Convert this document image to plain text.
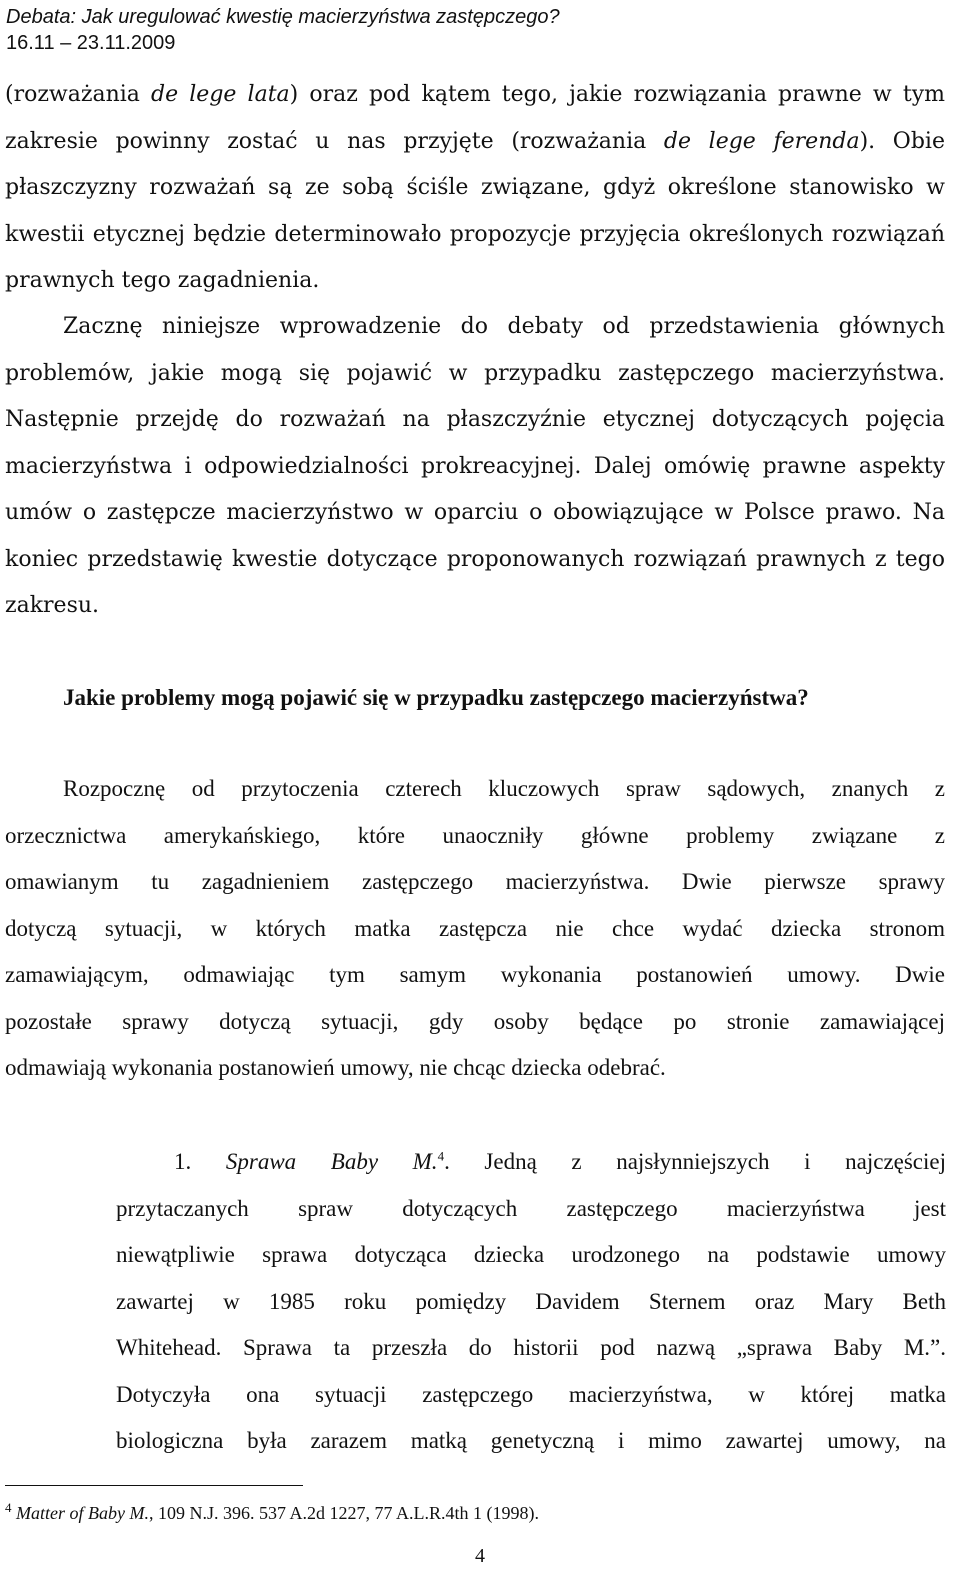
Debata: Jak uregulować kwestię macierzyństwa zastępczego?
16.11 – 23.11.2009
(rozważania de lege lata) oraz pod kątem tego, jakie rozwiązania prawne w tym
zakresie powinny zostać u nas przyjęte (rozważania de lege ferenda). Obie
płaszczyzny rozważań są ze sobą ściśle związane, gdyż określone stanowisko w
kwestii etycznej będzie determinowało propozycje przyjęcia określonych rozwiązań
prawnych tego zagadnienia.
Zacznę niniejsze wprowadzenie do debaty od przedstawienia głównych
problemów, jakie mogą się pojawić w przypadku zastępczego macierzyństwa.
Następnie przejdę do rozważań na płaszczyźnie etycznej dotyczących pojęcia
macierzyństwa i odpowiedzialności prokreacyjnej. Dalej omówię prawne aspekty
umów o zastępcze macierzyństwo w oparciu o obowiązujące w Polsce prawo. Na
koniec przedstawię kwestie dotyczące proponowanych rozwiązań prawnych z tego
zakresu.
Jakie problemy mogą pojawić się w przypadku zastępczego macierzyństwa?
Rozpocznę od przytoczenia czterech kluczowych spraw sądowych, znanych z
orzecznictwa amerykańskiego, które unaoczniły główne problemy związane z
omawianym tu zagadnieniem zastępczego macierzyństwa. Dwie pierwsze sprawy
dotyczą sytuacji, w których matka zastępcza nie chce wydać dziecka stronom
zamawiającym, odmawiając tym samym wykonania postanowień umowy. Dwie
pozostałe sprawy dotyczą sytuacji, gdy osoby będące po stronie zamawiającej
odmawiają wykonania postanowień umowy, nie chcąc dziecka odebrać.
1. Sprawa Baby M.$^4$. Jedną z najsłynniejszych i najczęściej
przytaczanych spraw dotyczących zastępczego macierzyństwa jest
niewątpliwie sprawa dotycząca dziecka urodzonego na podstawie umowy
zawartej w 1985 roku pomiędzy Davidem Sternem oraz Mary Beth
Whitehead. Sprawa ta przeszła do historii pod nazwą „sprawa Baby M.”.
Dotyczyła ona sytuacji zastępczego macierzyństwa, w której matka
biologiczna była zarazem matką genetyczną i mimo zawartej umowy, na
$^4$ Matter of Baby M., 109 N.J. 396. 537 A.2d 1227, 77 A.L.R.4th 1 (1998).
4
